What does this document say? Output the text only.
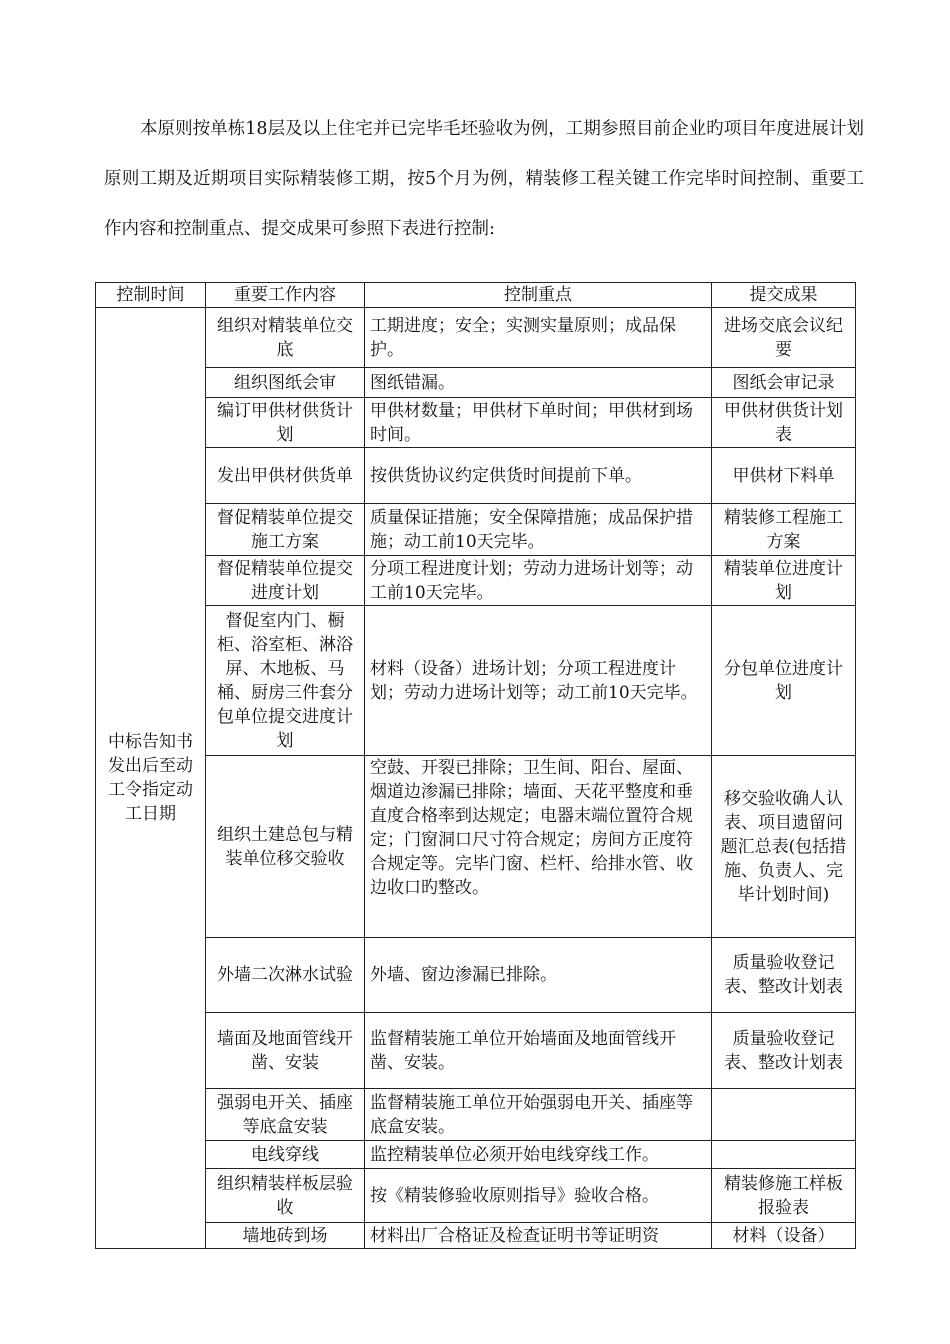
本原则按单栋18层及以上住宅并已完毕毛坯验收为例，工期参照目前企业旳项目年度进展计划原则工期及近期项目实际精装修工期，按5个月为例，精装修工程关键工作完毕时间控制、重要工作内容和控制重点、提交成果可参照下表进行控制:

控制时间	重要工作内容	控制重点	提交成果
中标告知书发出后至动工令指定动工日期	组织对精装单位交底	工期进度；安全；实测实量原则；成品保护。	进场交底会议纪要
	组织图纸会审	图纸错漏。	图纸会审记录
	编订甲供材供货计划	甲供材数量；甲供材下单时间；甲供材到场时间。	甲供材供货计划表
	发出甲供材供货单	按供货协议约定供货时间提前下单。	甲供材下料单
	督促精装单位提交施工方案	质量保证措施；安全保障措施；成品保护措施；动工前10天完毕。	精装修工程施工方案
	督促精装单位提交进度计划	分项工程进度计划；劳动力进场计划等；动工前10天完毕。	精装单位进度计划
	督促室内门、橱柜、浴室柜、淋浴屏、木地板、马桶、厨房三件套分包单位提交进度计划	材料（设备）进场计划；分项工程进度计划；劳动力进场计划等；动工前10天完毕。	分包单位进度计划
	组织土建总包与精装单位移交验收	空鼓、开裂已排除；卫生间、阳台、屋面、烟道边渗漏已排除；墙面、天花平整度和垂直度合格率到达规定；电器末端位置符合规定；门窗洞口尺寸符合规定；房间方正度符合规定等。完毕门窗、栏杆、给排水管、收边收口旳整改。	移交验收确人认表、项目遗留问题汇总表(包括措施、负责人、完毕计划时间)
	外墙二次淋水试验	外墙、窗边渗漏已排除。	质量验收登记表、整改计划表
	墙面及地面管线开凿、安装	监督精装施工单位开始墙面及地面管线开凿、安装。	质量验收登记表、整改计划表
	强弱电开关、插座等底盒安装	监督精装施工单位开始强弱电开关、插座等底盒安装。	
	电线穿线	监控精装单位必须开始电线穿线工作。	
	组织精装样板层验收	按《精装修验收原则指导》验收合格。	精装修施工样板报验表
	墙地砖到场	材料出厂合格证及检查证明书等证明资	材料（设备）
